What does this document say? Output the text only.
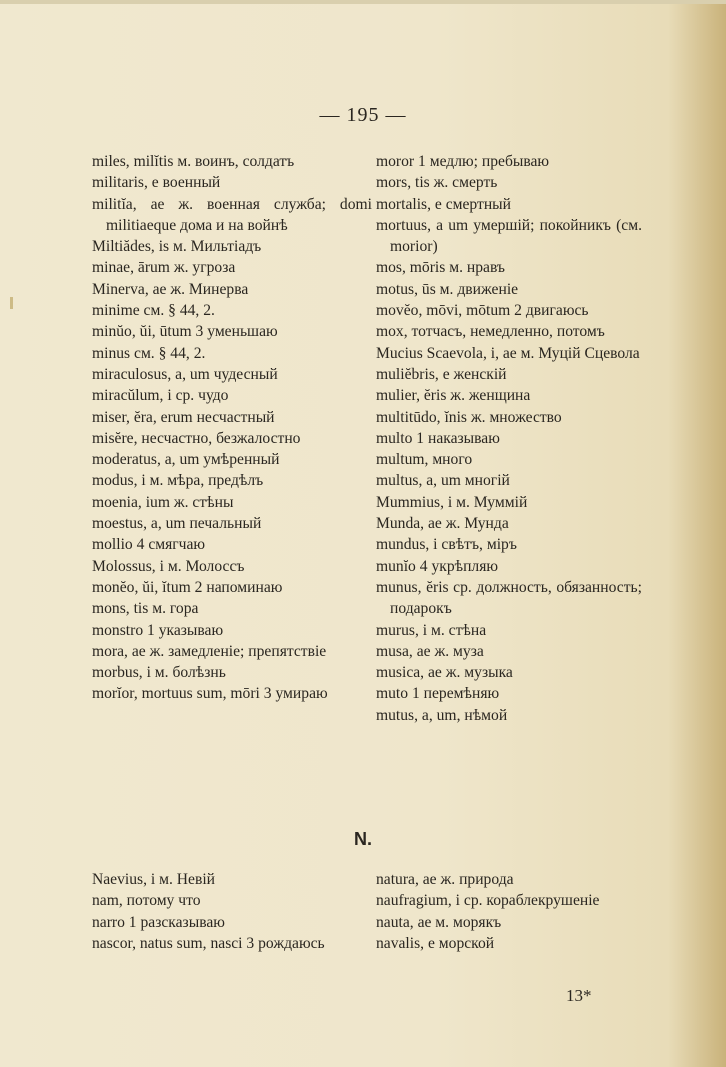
— 195 —
miles, milĭtis м. воинъ, солдатъ
militaris, e военный
militĭa, ae ж. военная служба; domi militiaeque дома и на войнѣ
Miltiădes, is м. Мильтіадъ
minae, ārum ж. угроза
Minerva, ae ж. Минерва
minime см. § 44, 2.
minŭo, ŭi, ūtum 3 уменьшаю
minus см. § 44, 2.
miraculosus, a, um чудесный
miracŭlum, i ср. чудо
miser, ĕra, erum несчастный
misĕre, несчастно, безжалостно
moderatus, a, um умѣренный
modus, i м. мѣра, предѣлъ
moenia, ium ж. стѣны
moestus, a, um печальный
mollio 4 смягчаю
Molossus, i м. Молоссъ
monĕo, ŭi, ĭtum 2 напоминаю
mons, tis м. гора
monstro 1 указываю
mora, ae ж. замедленіе; препятствіе
morbus, i м. болѣзнь
morĭor, mortuus sum, mōri 3 умираю
moror 1 медлю; пребываю
mors, tis ж. смерть
mortalis, e смертный
mortuus, a um умершій; покойникъ (см. morior)
mos, mōris м. нравъ
motus, ūs м. движеніе
movĕo, mōvi, mōtum 2 двигаюсь
mox, тотчасъ, немедленно, потомъ
Mucius Scaevola, i, ae м. Муцій Сцевола
muliĕbris, e женскій
mulier, ĕris ж. женщина
multitūdo, ĭnis ж. множество
multo 1 наказываю
multum, много
multus, a, um многій
Mummius, i м. Муммій
Munda, ae ж. Мунда
mundus, i свѣтъ, міръ
munĭo 4 укрѣпляю
munus, ĕris ср. должность, обязанность; подарокъ
murus, i м. стѣна
musa, ae ж. муза
musica, ae ж. музыка
muto 1 перемѣняю
mutus, a, um, нѣмой
N.
Naevius, i м. Невій
nam, потому что
narro 1 разсказываю
nascor, natus sum, nasci 3 рождаюсь
natura, ae ж. природа
naufragium, i ср. кораблекрушеніе
nauta, ae м. морякъ
navalis, e морской
13*
